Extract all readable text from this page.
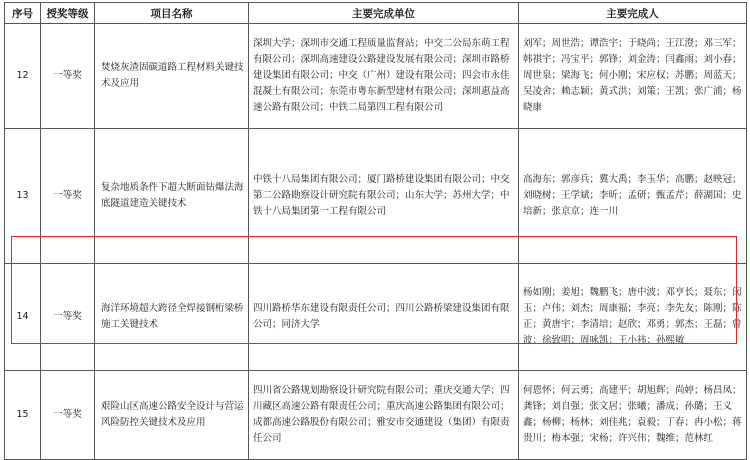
序号	授奖等级	项目名称	主要完成单位	主要完成人
12	一等奖	焚烧灰渣固碳道路工程材料关键技术及应用	深圳大学；深圳市交通工程质量监督站；中交二公局东萌工程有限公司；深圳高速建设公路建设发展有限公司；深圳市路桥建设集团有限公司；中交（广州）建设有限公司；四会市永佳混凝土有限公司；东莞市粤东新型建材有限公司；深圳惠益高速公路有限公司；中铁二局第四工程有限公司	刘军；周世浩；谭浩宇；于晓尚；王江澄；邓三军；韩祺宇；冯宝平；郭锋；刘金涛；闫鑫雨；刘小春；周世泉；梁海飞；何小刚；宋应权；苏鹏；周蓝天；吴凌舍；赖志颖；黄式洪；刘策；王凯；张广浦；杨晓康
13	一等奖	复杂地质条件下超大断面钻爆法海底隧道建造关键技术	中铁十八局集团有限公司；厦门路桥建设集团有限公司；中交第二公路勘察设计研究院有限公司；山东大学；苏州大学；中铁十八局集团第一工程有限公司	高海东；郭彦兵；冀大禹；李玉华；高鹏；赵映冠；刘晓树；王学斌；李昕；孟研；甄孟芹；薛湖国；史培新；张京京；连一川
14	一等奖	海洋环境超大跨径全焊接钢桁梁桥施工关键技术	四川路桥华东建设有限责任公司；四川公路桥梁建设集团有限公司；同济大学	杨如刚；姜旭；魏鹏飞；唐中波；邓亨长；聂东；闵玉；卢伟；刘杰；周康福；李亮；李先友；陈刚；陈正；黄唐宇；李清培；赵欣；邓勇；郭杰；王磊；曾波；徐致明；周咏凯；王小祎；孙熙敏
15	一等奖	艰险山区高速公路安全设计与营运风险防控关键技术及应用	四川省公路规划勘察设计研究院有限公司；重庆交通大学；四川藏区高速公路有限责任公司；重庆高速公路集团有限公司；成都高速公路股份有限公司；雅安市交通建设（集团）有限责任公司	何恩怀；何云勇；高建平；胡旭辉；尚婷；杨昌凤；龚锋；刘自强；张文居；张曦；潘成；孙璐；王义鑫；杨柳；杨林；刘佳兆；袁毅；丁春；冉小松；蒋贵川；梅本强；宋杨；许兴伟；魏维；范林红
